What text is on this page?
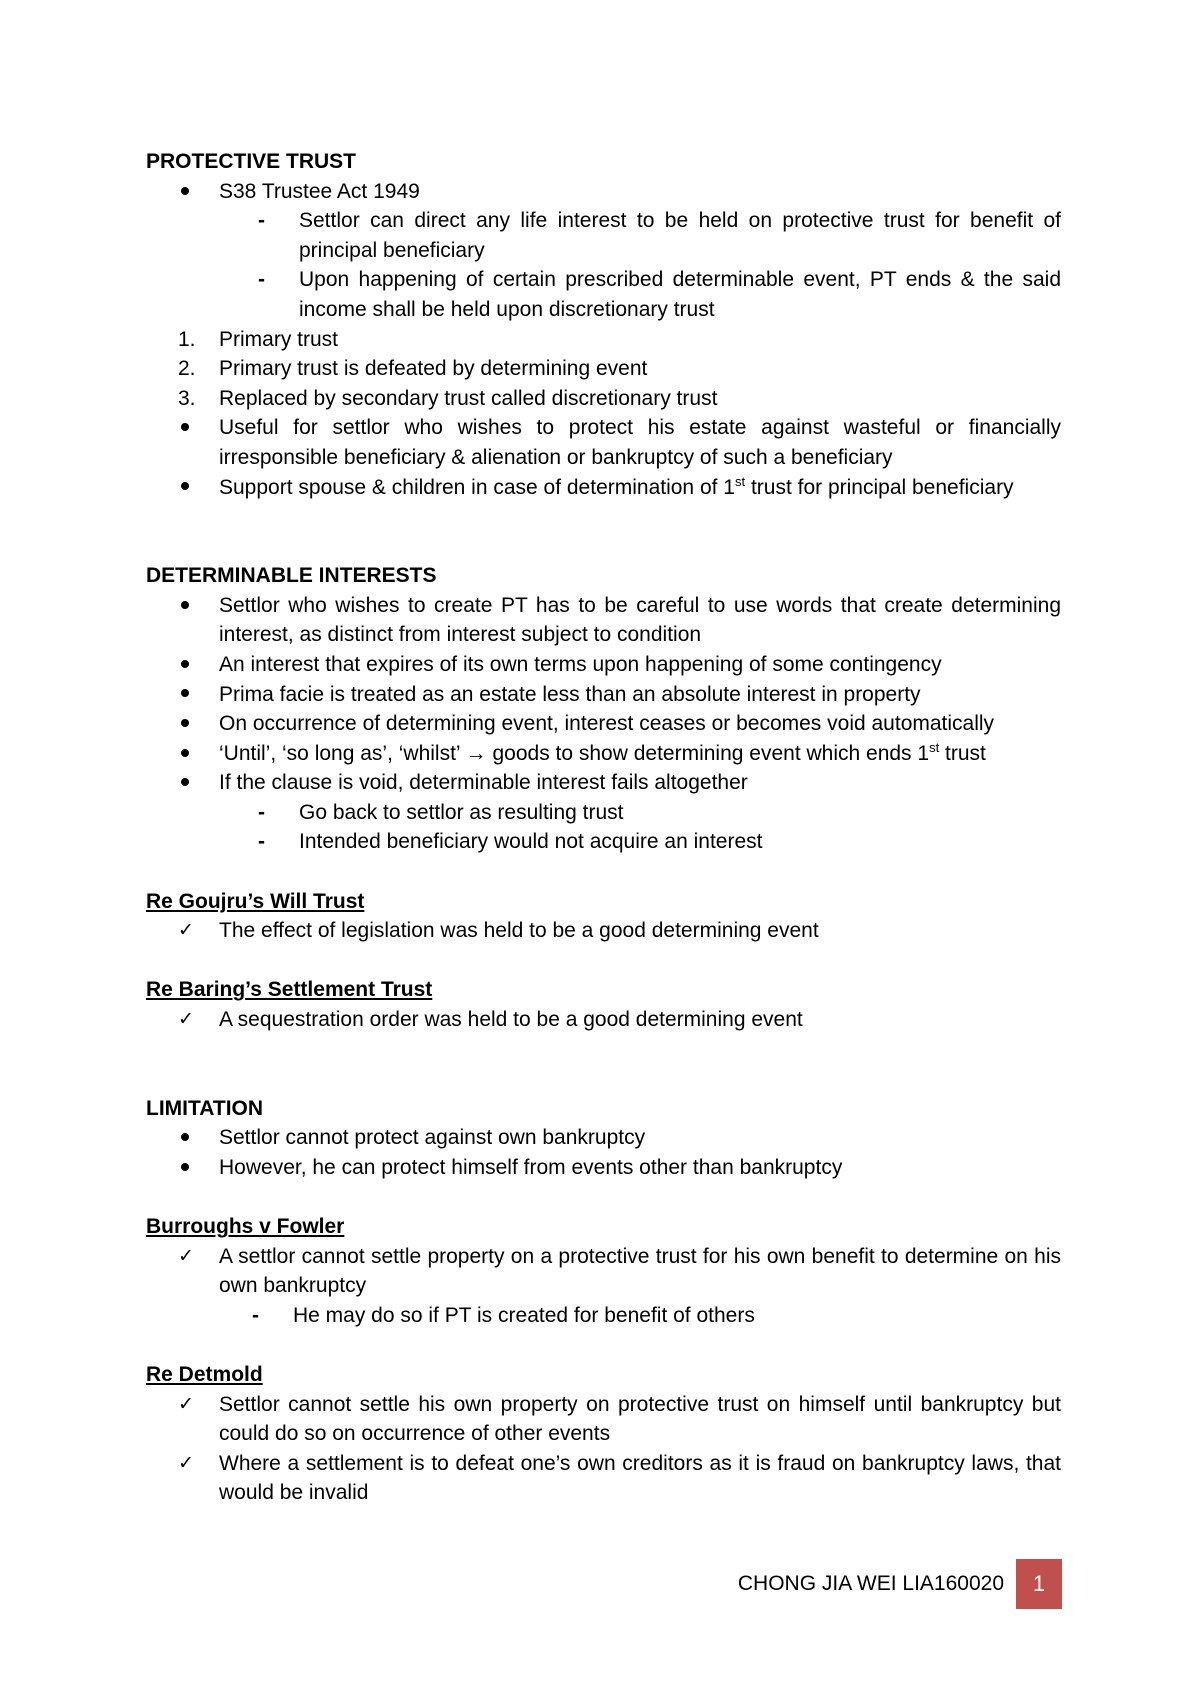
PROTECTIVE TRUST
S38 Trustee Act 1949
-	Settlor can direct any life interest to be held on protective trust for benefit of principal beneficiary
-	Upon happening of certain prescribed determinable event, PT ends & the said income shall be held upon discretionary trust
1. Primary trust
2. Primary trust is defeated by determining event
3. Replaced by secondary trust called discretionary trust
Useful for settlor who wishes to protect his estate against wasteful or financially irresponsible beneficiary & alienation or bankruptcy of such a beneficiary
Support spouse & children in case of determination of 1st trust for principal beneficiary
DETERMINABLE INTERESTS
Settlor who wishes to create PT has to be careful to use words that create determining interest, as distinct from interest subject to condition
An interest that expires of its own terms upon happening of some contingency
Prima facie is treated as an estate less than an absolute interest in property
On occurrence of determining event, interest ceases or becomes void automatically
‘Until’, ‘so long as’, ‘whilst’ → goods to show determining event which ends 1st trust
If the clause is void, determinable interest fails altogether
-	Go back to settlor as resulting trust
-	Intended beneficiary would not acquire an interest
Re Goujru’s Will Trust
✓ The effect of legislation was held to be a good determining event
Re Baring’s Settlement Trust
✓ A sequestration order was held to be a good determining event
LIMITATION
Settlor cannot protect against own bankruptcy
However, he can protect himself from events other than bankruptcy
Burroughs v Fowler
✓ A settlor cannot settle property on a protective trust for his own benefit to determine on his own bankruptcy
-	He may do so if PT is created for benefit of others
Re Detmold
✓ Settlor cannot settle his own property on protective trust on himself until bankruptcy but could do so on occurrence of other events
✓ Where a settlement is to defeat one’s own creditors as it is fraud on bankruptcy laws, that would be invalid
CHONG JIA WEI LIA160020 1
